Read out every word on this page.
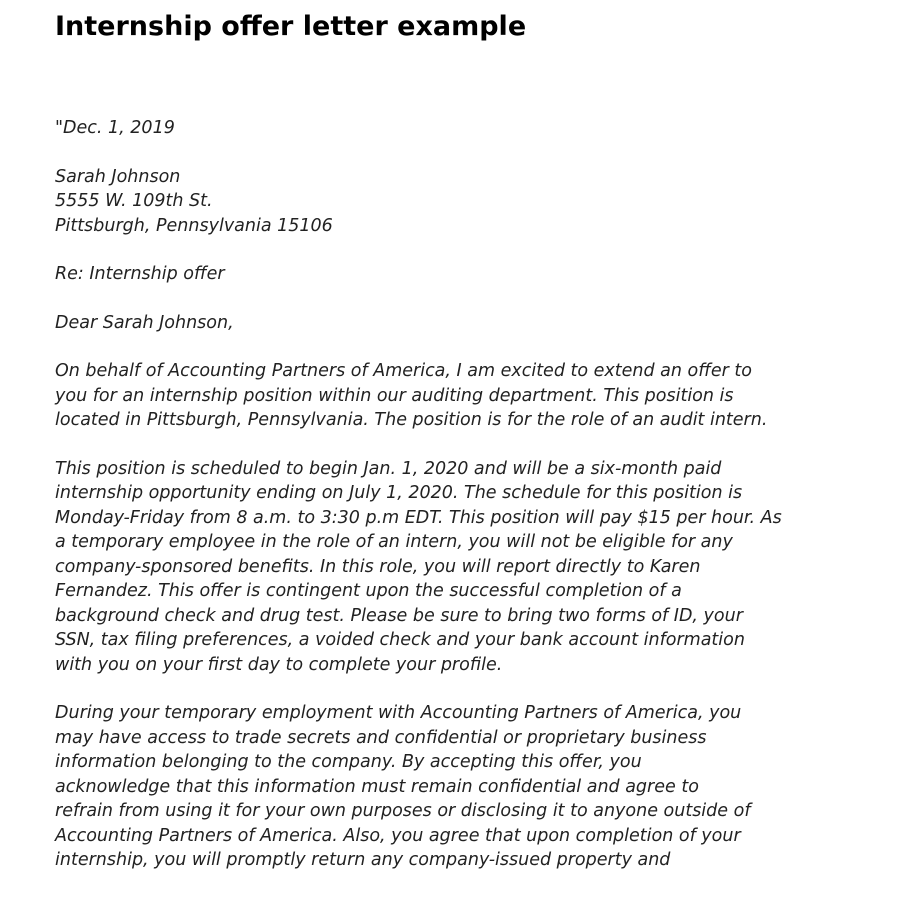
Internship offer letter example

"Dec. 1, 2019

Sarah Johnson
5555 W. 109th St.
Pittsburgh, Pennsylvania 15106

Re: Internship offer

Dear Sarah Johnson,

On behalf of Accounting Partners of America, I am excited to extend an offer to
you for an internship position within our auditing department. This position is
located in Pittsburgh, Pennsylvania. The position is for the role of an audit intern.

This position is scheduled to begin Jan. 1, 2020 and will be a six-month paid
internship opportunity ending on July 1, 2020. The schedule for this position is
Monday-Friday from 8 a.m. to 3:30 p.m EDT. This position will pay $15 per hour. As
a temporary employee in the role of an intern, you will not be eligible for any
company-sponsored benefits. In this role, you will report directly to Karen
Fernandez. This offer is contingent upon the successful completion of a
background check and drug test. Please be sure to bring two forms of ID, your
SSN, tax filing preferences, a voided check and your bank account information
with you on your first day to complete your profile.

During your temporary employment with Accounting Partners of America, you
may have access to trade secrets and confidential or proprietary business
information belonging to the company. By accepting this offer, you
acknowledge that this information must remain confidential and agree to
refrain from using it for your own purposes or disclosing it to anyone outside of
Accounting Partners of America. Also, you agree that upon completion of your
internship, you will promptly return any company-issued property and
